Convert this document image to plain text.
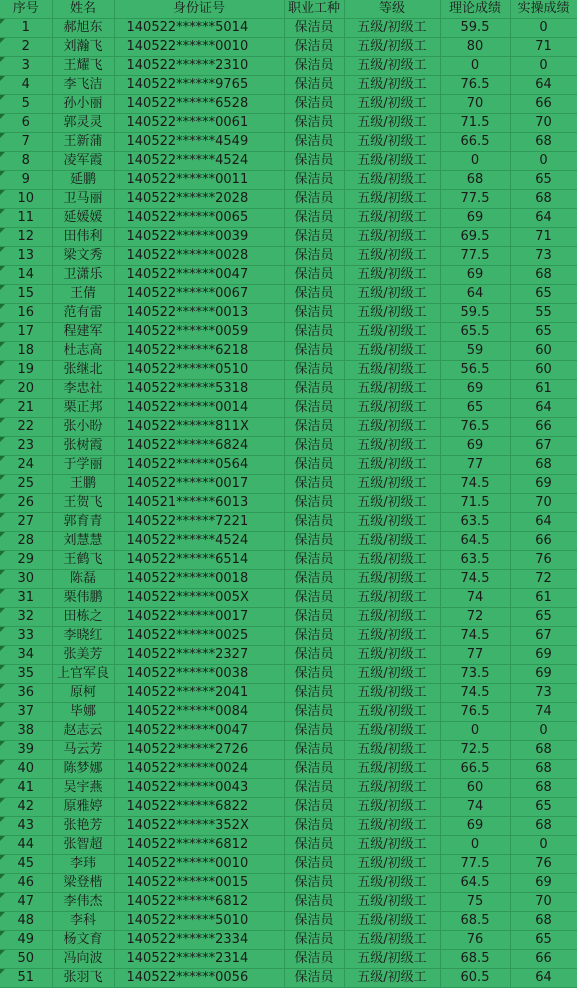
序号	姓名	身份证号	职业工种	等级	理论成绩	实操成绩
1	郝旭东	140522******5014	保洁员	五级/初级工	59.5	0
2	刘瀚飞	140522******0010	保洁员	五级/初级工	80	71
3	王耀飞	140522******2310	保洁员	五级/初级工	0	0
4	李飞洁	140522******9765	保洁员	五级/初级工	76.5	64
5	孙小丽	140522******6528	保洁员	五级/初级工	70	66
6	郭灵灵	140522******0061	保洁员	五级/初级工	71.5	70
7	王新蒲	140522******4549	保洁员	五级/初级工	66.5	68
8	凌军霞	140522******4524	保洁员	五级/初级工	0	0
9	延鹏	140522******0011	保洁员	五级/初级工	68	65
10	卫马丽	140522******2028	保洁员	五级/初级工	77.5	68
11	延媛媛	140522******0065	保洁员	五级/初级工	69	64
12	田伟利	140522******0039	保洁员	五级/初级工	69.5	71
13	梁文秀	140522******0028	保洁员	五级/初级工	77.5	73
14	卫潇乐	140522******0047	保洁员	五级/初级工	69	68
15	王倩	140522******0067	保洁员	五级/初级工	64	65
16	范有雷	140522******0013	保洁员	五级/初级工	59.5	55
17	程建军	140522******0059	保洁员	五级/初级工	65.5	65
18	杜志高	140522******6218	保洁员	五级/初级工	59	60
19	张继北	140522******0510	保洁员	五级/初级工	56.5	60
20	李忠社	140522******5318	保洁员	五级/初级工	69	61
21	栗正邦	140522******0014	保洁员	五级/初级工	65	64
22	张小盼	140522******811X	保洁员	五级/初级工	76.5	66
23	张树霞	140522******6824	保洁员	五级/初级工	69	67
24	于学丽	140522******0564	保洁员	五级/初级工	77	68
25	王鹏	140522******0017	保洁员	五级/初级工	74.5	69
26	王贺飞	140521******6013	保洁员	五级/初级工	71.5	70
27	郭育青	140522******7221	保洁员	五级/初级工	63.5	64
28	刘慧慧	140522******4524	保洁员	五级/初级工	64.5	66
29	王鹤飞	140522******6514	保洁员	五级/初级工	63.5	76
30	陈磊	140522******0018	保洁员	五级/初级工	74.5	72
31	栗伟鹏	140522******005X	保洁员	五级/初级工	74	61
32	田栋之	140522******0017	保洁员	五级/初级工	72	65
33	李晓红	140522******0025	保洁员	五级/初级工	74.5	67
34	张美芳	140522******2327	保洁员	五级/初级工	77	69
35	上官军良	140522******0038	保洁员	五级/初级工	73.5	69
36	原柯	140522******2041	保洁员	五级/初级工	74.5	73
37	毕娜	140522******0084	保洁员	五级/初级工	76.5	74
38	赵志云	140522******0047	保洁员	五级/初级工	0	0
39	马云芳	140522******2726	保洁员	五级/初级工	72.5	68
40	陈梦娜	140522******0024	保洁员	五级/初级工	66.5	68
41	吴宇燕	140522******0043	保洁员	五级/初级工	60	68
42	原雅婷	140522******6822	保洁员	五级/初级工	74	65
43	张艳芳	140522******352X	保洁员	五级/初级工	69	68
44	张智超	140522******6812	保洁员	五级/初级工	0	0
45	李玮	140522******0010	保洁员	五级/初级工	77.5	76
46	梁登楷	140522******0015	保洁员	五级/初级工	64.5	69
47	李伟杰	140522******6812	保洁员	五级/初级工	75	70
48	李科	140522******5010	保洁员	五级/初级工	68.5	68
49	杨文育	140522******2334	保洁员	五级/初级工	76	65
50	冯向波	140522******2314	保洁员	五级/初级工	68.5	66
51	张羽飞	140522******0056	保洁员	五级/初级工	60.5	64
